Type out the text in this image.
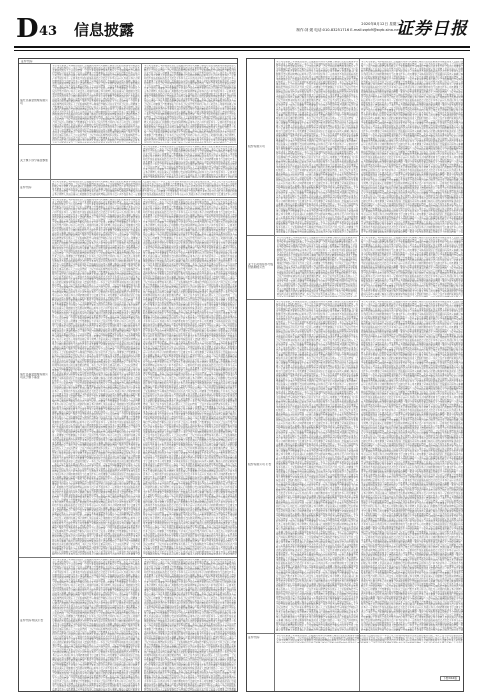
D 43 信息披露	2020年8月12日 星期三
制作:刘 媛 电话:010-83251716 E-mail:zqrb9@zqrb.sina.net
证券日报
证券代码:
易方达基金管理有限公司
关于旗下部分基金参加
证券代码:
易方达基金管理有限公司关于旗下基金
证券代码:相关公告
本公司及董事会全体成员保证信息披露的内容真实准确完整没有虚假记载误导性陈述或重大遗漏特别提示一本次会议召开期间无增加否决或变更提案的情况二本次会议不涉及变更前次股东大会决议的情况三会议召开和出席情况本次股东大会采取现场投票与网络投票相结合的方式召开会议由公司董事会召集董事长主持本次会议的召集召开程序符合公司法及公司章程的规定基金管理人承诺以诚实信用勤勉尽责的原则管理和运用基金资产但不保证基金一定盈利也不保证最低收益投资者投资于本基金前应认真阅读基金合同招募说明书等法律文件本公司及董事会全体成员保证信息披露的内容真实准确完整没有虚假记载误导性陈述或重大遗漏特别提示一本次会议召开期间无增加否决或变更提案的情况二本次会议不涉及变更前次股东大会决议的情况三会议召开和出席情况本次股东大会采取现场投票与网络投票相结合的方式召开会议由公司董事会召集董事长主持本次会议的召集召开程序符合公司法及公司章程的规定基金管理人承诺以诚实信用勤勉尽责的原则管理和运用基金资产但不保证基金一定盈利也不保证最低收益投资者投资于本基金前应认真阅读基金合同招募说明书等法律文件本公司及董事会全体成员保证信息披露的内容真实准确完整没有虚假记载误导性陈述或重大遗漏特别提示一本次会议召开期间无增加否决或变更提案的情况二本次会议不涉及变更前次股东大会决议的情况三会议召开和出席情况本次股东大会采取现场投票与网络投票相结合的方式召开会议由公司董事会召集董事长主持本次会议的召集召开程序符合公司法及公司章程的规定基金管理人承诺以诚实信用勤勉尽责的原则管理和运用基金资产但不保证基金一定盈利也不保证最低收益投资者投资于本基金前应认真阅读基金合同招募说明书等法律文件本公司及董事会全体成员保证信息披露的内容真实准确完整没有虚假记载误导性陈述或重大遗漏特别提示一本次会议召开期间无增加否决或变更提案的情况二本次会议不涉及变更前次股东大会决议的情况三会议召开和出席情况本次股东大会采取现场投票与网络投票相结合的方式召开会议由公司董事会召集董事长主持本次会议的召集召开程序符合公司法及公司章程的规定基金管理人承诺以诚实信用勤勉尽责的原则管理和运用基金资产但不保证基金一定盈利也不保证最低收益投资者投资于本基金前应认真阅读基金合同招募说明书等法律文件本公司及董事会全体成员保证信息披露的内容真实准确完整没有虚假记载误导性陈述或重大遗漏特别提示一本次会议召开期间无增加否决或变更提案的情况二本次会议不涉及变更前次股东大会决议的情况三会议召开和出席情况本次股东大会采取现场投票与网络投票相结合的方式召开会议由公司董事会召集董事长主持本次会议的召集召开程序符合公司法及公司章程的规定基金管理人承诺以诚实信用勤勉尽责的原则管理和运用基
本公司及董事会全体成员保证信息披露的内容真实准确完整没有虚假记载误导性陈述或重大遗漏特别提示一本次会议召开期间无增加否决或变更提案的情况二本次会议不涉及变更前次股东大会决议的情况三会议召开和出席情况本次股东大会采取现场投票与网络投票相结合的方式召开会议由公司董事会召集董事长主持本次会议的召集召开程序符合公司法及公司章程的规定基金管理人承诺以诚实信用勤勉尽责的原则管理和运用基金资产但不保证基金一定盈利也不保证最低收益投资者投资于本基金前应认真阅读基金合同招募说明书等法律文件本公司及董事会全体成员保证信息披露的内容真实准确完整没有虚假记载误导性陈述或重大遗漏特别提示一本次会议召开期间无增加否决或变更提案的情况二本次会议不涉及变更前次股东大会决议的情况三会议召开和出席情况本次股东大会采取现场投票与网络投票相结合的方式召开会议由公司董事会召集董事长主持本次会议的召集召开程序符合公司法及公司章程的规定基金管理人承诺以诚实信用勤勉尽责的原则管理和运用基金资产但不保证基金一定盈利也不保证最低收益投资者投资于本基金前应认真阅读基金合同招募说明书等法律文件本公司及董事会全体成员保证信息披露的内容真实准确完整没有虚假记载误导性陈述或重大遗漏特别提示一本次会议召开期间无增加否决或变更提案的情况二本次会议不涉及变更前次股东大会决议的情况三会议召开和出席情况本次股东大会采取现场投票与网络投票相结合的方式召开会议由公司董事会召集董事长主持本次会议的召集召开程序符合公司法及公司章程的规定基金管理人承诺以诚实信用勤勉尽责的原则管理和运用基金资产但不保证基金一定盈利也不保证最低收益投资者投资于本基金前应认真阅读基金合同招募说明书等法律文件本公司及董事会全体成员保证信息披露的内容真实准确完整没有虚假记载误导性陈述或重大遗漏特别提示一本次会议召开期间无增加否决或变更提案的情况二本次会议不涉及变更前次股东大会决议的情况三会议召开和出席情况本次股东大会采取现场投票与网络投票相结合的方式召开会议由公司董事会召集董事长主持本次会议的召集召开程序符合公司法及公司章程的规定基金管理人承诺以诚实信用勤勉尽责的原则管理和运用基金资产但不保证基金一定盈利也不保证最低收益投资者投资于本基金前应认真阅读基金合同招募说明书等法律文件本公司及董事会全体成员保证信息披露的内容真实准确完整没有虚假记载误导性陈述或重大遗漏特别提示一本次会议召开期间无增加否决或变更提案的情况二本次会议不涉及变更前次股东大会决议的情况三会议召开和出席情况本次股东大会采取现场投票与网络投票相结合的方式召开会议由公司董事会召集董事长主持本次会议的召集召开程序符合公司法及公司章程的规定基金管理人承诺以诚实信用勤勉尽责的原则管理和运用基金资产但不保证基金一定盈利也不保证最低收益投资者投资于本基金前应认真阅读基金合同招募说明书等法律文件本公司及董事会全体成
本公司及董事会全体成员保证信息披露的内容真实准确完整没有虚假记载误导性陈述或重大遗漏特别提示一本次会议召开期间无增加否决或变更提案的情况二本次会议不涉及变更前次股东大会决议的情况三会议召开和出席情况本次股东大会采取现场投票与网络投票相结合的方式召开会议由公司董事会召集董事长主持本次会议的召集召开程序符合公司法及公司章程的规定基金管理人承诺以诚实信用勤勉尽责的原则管理和运用基金资产但不保证基金一定盈利也不保证最低收益投资者投资于本基金前应认真阅读基金合同招募说明书等法律文件本公司及董事会全体成员保证信息披露的内容真实准确完整没有虚假记载误导性陈述或重大遗漏特别提示一本次会议召开期间无增加否决或变更提案的情况二本次会议不涉及变更前次股东大会决议的情况三会议召开和出席情况本次股东大会采取现场投票与网络投票相结合的方式召开会议由公司董事会召集董事长主持本次会议的召集召开程序符合公司法及公司章程的规定基金管理人承诺以诚实信用勤勉尽责的原则管理和运用基金资产但不保证基金一定盈利也不保证最低收益投资者投资于本基金前应认真阅读基金合同招募说明书等法律文件本公司及董事会全体成员保证信息披露的内容真实准确完整没有虚假记载误导性陈述或重大遗漏特别
本公司及董事会全体成员保证信息披露的内容真实准确完整没有虚假记载误导性陈述或重大遗漏特别提示一本次会议召开期间无增加否决或变更提案的情况二本次会议不涉及变更前次股东大会决议的情况三会议召开和出席情况本次股东大会采取现场投票与网络投票相结合的方式召开会议由公司董事会召集董事长主持本次会议的召集召开程序符合公司法及公司章程的规定基金管理人承诺以诚实信用勤勉尽责的原则管理和运用基金资产但不保证基金一定盈利也不保证最低收益投资者投资于本基金前应认真阅读基金合同招募说明书等法律文件本公司及董事会全体成员保证信息披露的内容真实准确完整没有虚假记载误导性陈述或重大遗漏特别提示一本次会议召开期间无增加否决或变更提案的情况二本次会议不涉及变更前次股东大会决议的情况三会议召开和出席情况本次股东大会采取现场投票与网络投票相结合的方式召开会议由公司董事会召集董事长主持本次会议的召集召开程序符合公司法及公司章程的规定基金管理人承诺以诚实信用勤勉尽责的原则管理和运用基金资产但不保证基金一定盈利也不保证最低收益投资者投资于本基金前应认真阅读基金合同招募说明书等法律文件本公司及
本公司及董事会全体成员保证信息披露的内容真实准确完整没有虚假记载误导性陈述或重大遗漏特别提示一本次会议召开期间无增加否决或变更提案的情况二本次会议不涉及变更前次股东大会决议的情况三会议召开和出席情况本次股东大会采取现场投票与网络投票相结合的方式召开会议由公司董事会召集董事长主持本次会议的召集召开程序符合公司法及公司章程的规定基金管理人承诺以诚实信用勤勉尽责的原则管理和运用基金资产但不保证基金一定盈利也不保证最低收益投资者投资于本基金前应认真阅读基金合同招募说明书等法律文件本公司及董事会全体成员保证信息披露的内容真实准确完整没有虚假记载误导性陈述或重大遗漏特别提示一本次会议召开期间无增加否决或变更提案的情况二本次会议不涉及变更前次股东大会决议的情况三会议召开和出席情况本次股东大会采取现场投票与网络投票相结合的方式召开会议由公司董事会召集董事长主持本次会议的召集召开程序符合公司法及公司章程的规定基金管理人承诺以诚实信用勤勉尽责的原则管理和运用基金资产但不保证基金一定盈利也不保证最低收益投资者投资于本基金前应认真阅读基金合同招募说明书等法律文件本公司及董事会全体成员保证信息披露的内容真实准确完整没有虚假记载误导性陈述或重大遗漏特别提示一本次会议召开期间无增加否决或变更提案的情况二本次会议不涉及变更前次股东大会决议的情况三会议召开和出席情况本次股东大会采取现场投票与网络投票相结合的方式召开会议由公司董事会召集董事长主持本次会议的召集召开程序符合公司法及公司章程的规定基金管理人承诺以诚实信用勤勉尽责的原则管理和运用基金资产但不保证基金一定盈利也不保证最低收益投资者投资于本基金前应认真阅读基金合同招募说明书等法律文件本公司及董事会全体成员保证信息披露的内容真实准确完整没有虚假记载误导性陈述或重大遗漏特别提示一本次会议召开期间无增加否决或变更提案的情况二本次会议不涉及变更前次股东大会决议的情况三会议召开和出席情况本次股东大会采取现场投票与网络投票相结合的方式召开会议由公司董事会召集董事长主持本次会议的召集召开程序符合公司法及公司章程的规定基金管理人承诺以诚实信用勤勉尽责的原则管理和运用基金资产但不保证基金一定盈利也不保证最低收益投资者投资于本基金前应认真阅读基金合同招募说明书等法律文件本公司及董事会全体成员保证信息披露的内容真实准确完整没有虚假记载误导性陈述或重大遗漏特别提示一本次会议召开期间无增加否决或变更提案的情况二本次会议不涉及变更前次股东大会决议的情况三会议召开和出席情况本次股东大会采取现场投票与网络投票相结合的方式召开会议由公司董事会召集董事长主持本次会议的召集召开程序符合公司法及公司章程的规定基金管理人承诺以诚实信用勤勉尽责的原则管理和运用基金资产但不保证基金一定盈利也不保证最低收益投资者投资于本基金前应认真阅读基金合同招募说明书等法律文件本公司及董事会全体成员保证信息披露的内容真实准确完整没有虚假记载误导性陈述或重大遗漏特别提示一本次会议召开期间无增加否决或变更提案的情况二本次会议不涉及变更前次股东大会决议的情况三会议召开和出席情况本次股东大会采取现场投票与网络投票相结合的方式召开会议由公司董事会召集董事长主持本次会议的召集召开程序符合公司法及公司章程的规定基金管理人承诺以诚实信用勤勉尽责的原则管理和运用基金资产但不保证基金一定盈利也不保证最低收益投资者投资于本基金前应认真阅读基金合同招募说明书等法律文件本公司及董事会全体成员保证信息披露的内容真实准确完整没有虚假记载误导性陈述或重大遗漏特别提示一本次会议召开期间无增加否决或变更提案的情况二本次会议不涉及变更前次股东大会决议的情况三会议召开和出席情况本次股东大会采取现场投票与网络投票相结合的方式召开会议由公司董事会召集董事长主持本次会议的召集召开程序符合公司法及公司章程的规定基金管理人承诺以诚实信用勤勉尽责的原则管理和运用基金资产但不保证基金一定盈利也不保证最低收益投资者投资于本基金前应认真阅读基金合同招募说明书等法律文件本公司及董事会全体成员保证信息披露的内容真实准确完整没有虚假记载误导性陈述或重大遗漏特别提示一本次会议召开期间无增加否决或变更提案的情况二本次会议不涉及变更前次股东大会决议的情况三会议召开和出席情况本次股东大会采取现场投票与网络投票相结合的方式召开会议由公司董事会召集董事长主持本次会议的召集召开程序符合公司法及公司章程的规定基金管理人承诺以诚实信用勤勉尽责的原则管理和运用基金资产但不保证基金一定盈利也不保证最低收益投资者投资于本基金前应认真阅读基金合同招募说明书等法律文件本公司及董事会全体成员保证信息披露的内容真实准确完整没有虚假记载误导性陈述或重大遗漏特别提示一本次会议召开期间无增加否决或变更提案的情况二本次会议不涉及变更前次股东大会决议的情况三会议召开和出席情况本次股东大会采取现场投票与网络投票相结合的方式召开会议由公司董事会召集董事长主持本次会议的召集召开程序符合公司法及公司章程的规定基金管理人承诺以诚实信用勤勉尽责的原则管理和运用基金资产但不保证基金一定盈利也不保证最低收益投资者投资于本基金前应认真阅读基金合同招募说明书等法律文件本公司及董事会全体成员保证信息披露的内容真实准确完整没有虚假记载误导性陈述或重大遗漏特别提示一本次会议召开期间无增加否决或变更提案的情况二本次会议不涉及变更前次股东大会决议的情况三会议召开和出席情况本次股东大会采取现场投票与网络投票相结合的方式召开会议由公司董事会召集董事长主持本次会议的召集召开程序符合公司法及公司章程的规定基金管理人承诺以诚实信用勤勉尽责的原则管理和运用基金资产但不保证基金一定盈利也不保证最低收益投资者投资于本基金前应认真阅读基金合同招募说明书等法律文件本公司及董事会全体成员保证信息披露的内容真实准确完整没有虚假记载误导性陈述或重大遗漏特别提示一本次会议召开期间无增加否决或变更提案的情况二本次会议不涉及变更前次股东大会决议的情况三会议召开和出席情况本次股东大会采取现场投票与网络投票相结合的方式召开会议由公司董事会召集董事长主持本次会议的召集召开程序符合公司法及公司章程的规定基金管理人承诺以诚实信用勤勉尽责的原则管理和运用基金资产但不保证基金一定盈利也不保证最低收益投资者投资于本基金前应认真阅读基金合同招募说明书等法律文件本公司及董事会全体成员保证信息披露的内容真实准确完整没有虚假记载误导性陈述或重大遗漏特别提示一本次会议召开期间无增加否决或变更提案的情况二本次会议不涉及变更前次股东大会决议的情况三会议召开和出席情况本次股东大会采取现场投票与网络投票相结合的方式召开会议由公司董事会召集董事长主持本次会议的召集召开程序符合公司法及公司章程的规定基金管理人承诺以诚实信用勤勉尽责的原则管理和运用基金资产但不保证基金一定盈利也不保证最低收益投资者投资于本基金前应认真阅读基金合同招募说明书等法律文件本公司及董事会全体成员保证信息披露的内容真实准确完整没有虚假记载误导性陈述或重大遗漏特别提示一本次会议召开期间无增加否决或变更提案的情况二本次会议不涉及变更前次股东大会决议的情况三会议召开和出席情况本次股东大会采取现场投票与网络投票相结合的方式召开会议由公司董事会召集董事长主持本次会议的召集召开程序符合公司法及公司章程的规定基金管理人承诺以诚实信用勤勉尽责的原则管理和运用基金资产但不保证基金一定盈利也不保证最低收益投资者投资于本基金前应认真阅读基金合同招募说明书等法律文件本公司及董事会全体成员保证信息披露的内容真实准确完整没有虚假记载误导性陈述或重大遗漏特别提示一本次会议召开期间无增加否决或变更提案的情况二本次会议不涉及变更前次股东大会决议的情况三会议召开和出席情况本次股东大会采取现场投票与网络投票相结合的方式召开会议由公司董事会召集董事长主持本次会议的召集召开程序符合公司法及公司章程的规定基金管理人承诺以诚实信用勤勉尽责的原则管理和运用基金资产但不保证基金一定盈利也不保证最低收益投资者投资于本基金前应认真阅读基金合同招募说明书等法律文件本公司及董事会全体成员保证信息披露的内容真实准确完整没有虚假记载误导性陈述或重大遗漏特别提示一本次会议召开期间无增加否决或变更提案的情况二本次会议不涉及变更前次股东大会决议的情况三会议召开和出席情况本次股东大会采取现场投票与网络投票相结合的方式召开会议由公司董事会召集董事长主持本次会议的召集召开程序符合公司法及公司章程的规定基金管理人承诺以诚实信用勤勉尽责的原则管理和运用基金资产但不保证基金一定盈利也不保证最低收益投资者投资于本基金前应认真阅读基金合同招募说明书等法律文件本公司及董事会全体成员保证信息披露的内容真实准确完整没有虚假记载误导性陈述或重大遗漏特别提示一本次会议召开期间无增加否决或变更提案的情况二本次会议不涉及变更前次股东大会决议的情况三会议召开和出席情况本次股东大会采取现场投票与网络投票相结合的方式召开会议由公司董事会召集董事长主持本次会议的召集召开程序符合公司法及公司章程的规定基金管理人承诺以诚实信用勤勉尽责的原则管理和运用基金资产但不保证基金一定盈利也不保证最低收益投资者投资于本基金前应认真阅读基金合同招募说明书等法律文件本公司及董事会全体成员保证信息披露的内容真实准确完整没有虚假记载误导性陈述或重大遗漏特别提示一本次会议召开期间无增加否决或变更提案的情况二本次会议不涉及变更前次股东大会决议的情况三会议召开和出席情况本次股东大会采取现场投票与网络投票相结合的方式召开会议由公司董事会召集董事长主持本次会议的召集召开程序符合公司法及公司章程的规定基金管理人承诺以诚实信用勤勉尽责的原则管理和运用基金资产但不保证基金一定盈利也不保证最低收益投资者投资于本基金前应认真阅读基金合同招募说明书等法律文件本公司及董事会全体成员保证信息披露的内容真实准确完整没有虚假记载误导性陈述或重大遗漏特别提示一本次会议召开期间无增加否决或变更提案的情况二本次会议不涉及变更前次股东大会决议的情况三会议召开和出席情况本次股东大会采取现场投票与网络投票相结合的方式召开会议由公司董事会召集董事长主持本次会议的召集召开程序符合公司法及公司章程的规定基金管理人承诺以诚实信用勤勉尽责的原则管理和运用基金资产但不保证基金一定盈利也不保证最低收益投资者投资于本基金前应认真阅读基金合同招募说明书等法律文件本公司及董事会全体成员保证信息披露的内容真实准确完整没有虚假记载误导性陈述或重大遗漏特别提示一本次会议召开期间无增加否决或变更提案的情况二本次会议不涉及变更前次股东大会决议的情况三会议召开和出席情况本次股东大会采取现场投票与网络投票相结合的方式召开会议由公司董事会召集董事长主持本次会议的召集召开程序符合公司法及公司章程的规定基金管理人承诺以诚实信用勤勉尽责的原则管理和运用基金资产但不保证基金一定盈利也不保证最低收益投资者投资于本基金前应认真阅读基金合同招募说明书等法律文件本公司及董事会全体成员保证信息披露的内容真实准确完整没有虚假记载误导性陈述或重大遗漏特别提示一本次会议召开期间无增加否决或变更提案的情况二本次会议不涉及变更前次股东大会决议的情况三会议召开和出席情况本次股东大会采取现场投票与网络投票相结合的方式召开会议由公司董事会召集董事长主持本次会议的召集召开程序符合公司法及公司章程的规定基金管理人承诺以诚实信用勤勉尽责的原则管理和运用基金资产但不保证基金一定盈利也不保证最低收益投资者投资于本基金前应认真阅读基金合同招募说明书等法律文件本公司及董事会全体成员保证信息披露的内容真实准确完整没有虚假记载误导性陈述或重大遗漏特别提示一本次会议召开期间无增加否决或变更提案的情况二本次会议不涉及变更前次股东大会决议的情况三会议召开和出席情况本次股东大会采取现场投票与网络投票相结合的方式召开会议由公司董事会召集董事长主持本次会议的召集召开程序符合公司法及公司章程的规定基金管理人承诺以诚实信用勤勉尽责的原则管理和运用基金资产但不保证基金一定盈利也不保证最低收益投资者投资于本基金前应认真阅读基金合同招募说明书等法律文件本公司及董事会全体成员保证信息披露的内容真实准确完整没有虚假记载误导性陈述或重大遗漏特别提示一本次会议召开期间无增加否决或变更提案的情况二本次会议不涉及变更前次股东大会决议的情况三会议召开和出席情况本次股东大会采取现场投票与网络投票相结合的方式召开会议由公司董事会召集董事长主持本次会议的召集召开程序符合公司法及公司章程的规定基金管理人承诺以诚实信用勤勉尽责的原则管理和运用基金资产但不保证基金一定盈利也不保证最低收益投资者投资于本基金前应认真阅读基金合同招募说明书等法律文件本公司及董事会全
本公司及董事会全体成员保证信息披露的内容真实准确完整没有虚假记载误导性陈述或重大遗漏特别提示一本次会议召开期间无增加否决或变更提案的情况二本次会议不涉及变更前次股东大会决议的情况三会议召开和出席情况本次股东大会采取现场投票与网络投票相结合的方式召开会议由公司董事会召集董事长主持本次会议的召集召开程序符合公司法及公司章程的规定基金管理人承诺以诚实信用勤勉尽责的原则管理和运用基金资产但不保证基金一定盈利也不保证最低收益投资者投资于本基金前应认真阅读基金合同招募说明书等法律文件本公司及董事会全体成员保证信息披露的内容真实准确完整没有虚假记载误导性陈述或重大遗漏特别提示一本次会议召开期间无增加否决或变更提案的情况二本次会议不涉及变更前次股东大会决议的情况三会议召开和出席情况本次股东大会采取现场投票与网络投票相结合的方式召开会议由公司董事会召集董事长主持本次会议的召集召开程序符合公司法及公司章程的规定基金管理人承诺以诚实信用勤勉尽责的原则管理和运用基金资产但不保证基金一定盈利也不保证最低收益投资者投资于本基金前应认真阅读基金合同招募说明书等法律文件本公司及董事会全体成员保证信息披露的内容真实准确完整没有虚假记载误导性陈述或重大遗漏特别提示一本次会议召开期间无增加否决或变更提案的情况二本次会议不涉及变更前次股东大会决议的情况三会议召开和出席情况本次股东大会采取现场投票与网络投票相结合的方式召开会议由公司董事会召集董事长主持本次会议的召集召开程序符合公司法及公司章程的规定基金管理人承诺以诚实信用勤勉尽责的原则管理和运用基金资产但不保证基金一定盈利也不保证最低收益投资者投资于本基金前应认真阅读基金合同招募说明书等法律文件本公司及董事会全体成员保证信息披露的内容真实准确完整没有虚假记载误导性陈述或重大遗漏特别提示一本次会议召开期间无增加否决或变更提案的情况二本次会议不涉及变更前次股东大会决议的情况三会议召开和出席情况本次股东大会采取现场投票与网络投票相结合的方式召开会议由公司董事会召集董事长主持本次会议的召集召开程序符合公司法及公司章程的规定基金管理人承诺以诚实信用勤勉尽责的原则管理和运用基金资产但不保证基金一定盈利也不保证最低收益投资者投资于本基金前应认真阅读基金合同招募说明书等法律文件本公司及董事会全体成员保证信息披露的内容真实准确完整没有虚假记载误导性陈述或重大遗漏特别提示一本次会议召开期间无增加否决或变更提案的情况二本次会议不涉及变更前次股东大会决议的情况三会议召开和出席情况本次股东大会采取现场投票与网络投票相结合的方式召开会议由公司董事会召集董事长主持本次会议的召集召开程序符合公司法及公司章程的规定基金管理人承诺以诚实信用勤勉尽责的原则管理和运用基金资产但不保证基金一定盈利也不保证最低收益投资者投资于本基金前应认真阅读基金合同招募说明书等法律文件本公司及董事会全体成员保证信息披露的内容真实准确完整没有虚假记载误导性陈述或重大遗漏特别提示一本次会议召开期间无增加否决或变更提案的情况二本次会议不涉及变更前次股东大会决议的情况三会议召开和出席情况本次股东大会采取现场投票与网络投票相结合的方式召开会议由公司董事会召集董事长主持本次会议的召集召开程序符合公司法及公司章程的规定基金管理人承诺以诚实信用勤勉尽责的原则管理和运用基金资产但不保证基金一定盈利也不保证最低收益投资者投资于本基金前应认真阅读基金合同招募说明书等法律文件本公司及董事会全体成员保证信息披露的内容真实准确完整没有虚假记载误导性陈述或重大遗漏特别提示一本次会议召开期间无增加否决或变更提案的情况二本次会议不涉及变更前次股东大会决议的情况三会议召开和出席情况本次股东大会采取现场投票与网络投票相结合的方式召开会议由公司董事会召集董事长主持本次会议的召集召开程序符合公司法及公司章程的规定基金管理人承诺以诚实信用勤勉尽责的原则管理和运用基金资产但不保证基金一定盈利也不保证最低收益投资者投资于本基金前应认真阅读基金合同招募说明书等法律文件本公司及董事会全体成员保证信息披露的内容真实准确完整没有虚假记载误导性陈述或重大遗漏特别提示一本次会议召开期间无增加否决或变更提案的情况二本次会议不涉及变更前次股东大会决议的情况三会议召开和出席情况本次股东大会采取现场投票与网络投票相结合的方式召开会议由公司董事会召集董事长主持本次会议的召集召开程序符合公司法及公司章程的规定基金管理人承诺以诚实信用勤勉尽责的原则管理和运用基金资产但不保证基金一定盈利也不保证最低收益投资者投资于本基金前应认真阅读基金合同招募说明书等法律文件本公司及董事会全体成员保证信息披露的内容真实准确完整没有虚假记载误导性陈述或重大遗漏特别提示一本次会议召开期间无增加否决或变更提案的情况二本次会议不涉及变更前次股东大会决议的情况三会议召开和出席情况本次股东大会采取现场投票与网络投票相结合的方式召开会议由公司董事会召集董事长主持本次会议的召集召开程序符合公司法及公司章程的规定基金管理人承诺以诚实信用勤勉尽责的原则管理和运用基金资产但不保证基金一定盈利也不保证最低收益投资者投资于本基金前应认真阅读基金合同招募说明书等法律文件本公司及董事会全体成员保证信息披露的内容真实准确完整没有虚假记载误导性陈述或重大遗漏特别提示一本次会议召开期间无增加否决或变更提案的情况二本次会议不涉及变更前次股东大会决议的情况三会议召开和出席情况本次股东大会采取现场投票与网络投票相结合的方式召开会议由公司董事会召集董事长主持本次会议的召集召开程序符合公司法及公司章程的规定基金管理人承诺以诚实信用勤勉尽责的原则管理和运用基金资产但不保证基金一定盈利也不保证最低收益投资者投资于本基金前应认真阅读基金合同招募说明书等法律文件本公司及董事会全体成员保证信息披露的内容真实准确完整没有虚假记载误导性陈述或重大遗漏特别提示一本次会议召开期间无增加否决或变更提案的情况二本次会议不涉及变更前次股东大会决议的情况三会议召开和出席情况本次股东大会采取现场投票与网络投票相结合的方式召开会议由公司董事会召集董事长主持本次会议的召集召开程序符合公司法及公司章程的规定基金管理人承诺以诚实信用勤勉尽责的原则管理和运用基金资产但不保证基金一定盈利也不保证最低收益投资者投资于本基金前应认真阅读基金合同招募说明书等法律文件本公司及董事会全体成员保证信息披露的内容真实准确完整没有虚假记载误导性陈述或重大遗漏特别提示一本次会议召开期间无增加否决或变更提案的情况二本次会议不涉及变更前次股东大会决议的情况三会议召开和出席情况本次股东大会采取现场投票与网络投票相结合的方式召开会议由公司董事会召集董事长主持本次会议的召集召开程序符合公司法及公司章程的规定基金管理人承诺以诚实信用勤勉尽责的原则管理和运用基金资产但不保证基金一定盈利也不保证最低收益投资者投资于本基金前应认真阅读基金合同招募说明书等法律文件本公司及董事会全体成员保证信息披露的内容真实准确完整没有虚假记载误导性陈述或重大遗漏特别提示一本次会议召开期间无增加否决或变更提案的情况二本次会议不涉及变更前次股东大会决议的情况三会议召开和出席情况本次股东大会采取现场投票与网络投票相结合的方式召开会议由公司董事会召集董事长主持本次会议的召集召开程序符合公司法及公司章程的规定基金管理人承诺以诚实信用勤勉尽责的原则管理和运用基金资产但不保证基金一定盈利也不保证最低收益投资者投资于本基金前应认真阅读基金合同招募说明书等法律文件本公司及董事会全体成员保证信息披露的内容真实准确完整没有虚假记载误导性陈述或重大遗漏特别提示一本次会议召开期间无增加否决或变更提案的情况二本次会议不涉及变更前次股东大会决议的情况三会议召开和出席情况本次股东大会采取现场投票与网络投票相结合的方式召开会议由公司董事会召集董事长主持本次会议的召集召开程序符合公司法及公司章程的规定基金管理人承诺以诚实信用勤勉尽责的原则管理和运用基金资产但不保证基金一定盈利也不保证最低收益投资者投资于本基金前应认真阅读基金合同招募说明书等法律文件本公司及董事会全体成员保证信息披露的内容真实准确完整没有虚假记载误导性陈述或重大遗漏特别提示一本次会议召开期间无增加否决或变更提案的情况二本次会议不涉及变更前次股东大会决议的情况三会议召开和出席情况本次股东大会采取现场投票与网络投票相结合的方式召开会议由公司董事会召集董事长主持本次会议的召集召开程序符合公司法及公司章程的规定基金管理人承诺以诚实信用勤勉尽责的原则管理和运用基金资产但不保证基金一定盈利也不保证最低收益投资者投资于本基金前应认真阅读基金合同招募说明书等法律文件本公司及董事会全体成员保证信息披露的内容真实准确完整没有虚假记载误导性陈述或重大遗漏特别提示一本次会议召开期间无增加否决或变更提案的情况二本次会议不涉及变更前次股东大会决议的情况三会议召开和出席情况本次股东大会采取现场投票与网络投票相结合的方式召开会议由公司董事会召集董事长主持本次会议的召集召开程序符合公司法及公司章程的规定基金管理人承诺以诚实信用勤勉尽责的原则管理和运用基金资产但不保证基金一定盈利也不保证最低收益投资者投资于本基金前应认真阅读基金合同招募说明书等法律文件本公司及董事会全体成员保证信息披露的内容真实准确完整没有虚假记载误导性陈述或重大遗漏特别提示一本次会议召开期间无增加否决或变更提案的情况二本次会议不涉及变更前次股东大会决议的情况三会议召开和出席情况本次股东大会采取现场投票与网络投票相结合的方式召开会议由公司董事会召集董事长主持本次会议的召集召开程序符合公司法及公司章程的规定基金管理人承诺以诚实信用勤勉尽责的原则管理和运用基金资产但不保证基金一定盈利也不保证最低收益投资者投资于本基金前应认真阅读基金合同招募说明书等法律文件本公司及董事会全体成员保证信息披露的内容真实准确完整没有虚假记载误导性陈述或重大遗漏特别提示一本次会议召开期间无增加否决或变更提案的情况二本次会议不涉及变更前次股东大会决议的情况三会议召开和出席情况本次股东大会采取现场投票与网络投票相结合的方式召开会议由公司董事会召集董事长主持本次会议的召集召开程序符合公司法及公司章程的规定基金管理人承诺以诚实信用勤勉尽责的原则管理和运用基金资产但不保证基金一定盈利也不保证最低收益投资者投资于本基金前应认真阅读基金合同招募说明书等法律文件本公司及董事会全体成员保证信息披露的内容真实准确完整没有虚假记载误导性陈述或重大遗漏特别提示一本次会议召开期间无增加否决或变更提案的情况二本次会议不涉及变更前次股东大会决议的情况三会议召开和出席情况本次股东大会采取现场投票与网络投票相结合的方式召开会议由公司董事会召集董事长主持本次会议的召集召开程序符合公司法及公司章程的规定基金管理人承诺以诚实信用勤勉尽责的原则管理和运用基金资产但不保证基金一定盈利也不保证最低收益投资者投资于本基金前应认真阅读基金合同招募说明书等法律文件本公司及董事会全体成员保证信息披露的内容真实准确完整没有虚假记载误导性陈述或重大遗漏特别提示一本次会议召开期间无增加否决或变更提案的情况二本次会议不涉及变更前次股东大会决议的情况三会议召开和出席情况本次股东大会采取现场投票与网络投票相结合的方式召开会议由公司董事会召集董事长主持本次会议的召集召开程序符合公司法及公司章程的规定基金管理人承诺以诚实信用勤勉尽责的原则管理和运用基金资产但不保证基金一定盈利也不保证最低收益投资者投资于本基金前应认真阅读基金合同招募说明书等法律文件本公司及董事会全体成员保证信息披露的内容真实准确完整没有虚假记载误导性陈述或重大遗漏特别提示一本次会议召开期间无增加否决或变更提案的情况二本次会议不涉及变更前次股东大会决议的情况三会议召开和出席情况本次股东大会采取现场投票与网络投票相结合的方式召开会议由公司董事会召集董事长主持本次会议的召集召开程序符合公司法及公司章程的规定基金管理人承诺以诚实信用勤勉尽责的原则管理和运用基金资产但不保证基金一定盈利也不保证最低收益投资者投资于本基金前应认真阅读基金合同招募说明书等法律文件本公司及董事会全体成员保证信息披露的内容真实准确完整没有虚假记载误导性陈述或重大遗漏特别提示一本次会议召开期间无增加否决或变更提案的情况二本次会议不涉及变更前次股东大会决议的情况三会议召开和出席情况本次股东大会采取现场投票与网络投票相结合的方式召开会议由公司董事会召集董事长主持本次会议的召集召开程序符合公司法及公司章程的规定基金管理人承诺以诚实信用勤勉尽责的原则管理和运用基金资产但不保证基金一定盈利也不保证最低收益投资者投资于本基金前应认真阅读基金合同招募说明书等法律文件本公司及董事会全体成员保证信息披露的内容真实准确完整没有虚假记载误导性陈述或重大遗漏特别提示一本次会议召开期间无增加否决或变更提案的情况二本次会议不涉及变更前次股东大会决议的情况三会议召开和出席情况本次股东大会采取现场投票与网络投票相结合的方式召开会议由公司董事会召集董事长主持本次会议的召集召开程序符合公司法及公司章程的规定基金管理人承诺以诚实信用勤勉尽责的原则管理和运用基金资产但不保证基金一定盈利也不保证最低收益投资者投资于本基金前应认真阅读基金合同招募说明书等法律文件本公司及董事会全体成员保证信息披露的内容真实准确完整没有虚假记载误导性陈述或重大遗漏特别提示
本公司及董事会全体成员保证信息披露的内容真实准确完整没有虚假记载误导性陈述或重大遗漏特别提示一本次会议召开期间无增加否决或变更提案的情况二本次会议不涉及变更前次股东大会决议的情况三会议召开和出席情况本次股东大会采取现场投票与网络投票相结合的方式召开会议由公司董事会召集董事长主持本次会议的召集召开程序符合公司法及公司章程的规定基金管理人承诺以诚实信用勤勉尽责的原则管理和运用基金资产但不保证基金一定盈利也不保证最低收益投资者投资于本基金前应认真阅读基金合同招募说明书等法律文件本公司及董事会全体成员保证信息披露的内容真实准确完整没有虚假记载误导性陈述或重大遗漏特别提示一本次会议召开期间无增加否决或变更提案的情况二本次会议不涉及变更前次股东大会决议的情况三会议召开和出席情况本次股东大会采取现场投票与网络投票相结合的方式召开会议由公司董事会召集董事长主持本次会议的召集召开程序符合公司法及公司章程的规定基金管理人承诺以诚实信用勤勉尽责的原则管理和运用基金资产但不保证基金一定盈利也不保证最低收益投资者投资于本基金前应认真阅读基金合同招募说明书等法律文件本公司及董事会全体成员保证信息披露的内容真实准确完整没有虚假记载误导性陈述或重大遗漏特别提示一本次会议召开期间无增加否决或变更提案的情况二本次会议不涉及变更前次股东大会决议的情况三会议召开和出席情况本次股东大会采取现场投票与网络投票相结合的方式召开会议由公司董事会召集董事长主持本次会议的召集召开程序符合公司法及公司章程的规定基金管理人承诺以诚实信用勤勉尽责的原则管理和运用基金资产但不保证基金一定盈利也不保证最低收益投资者投资于本基金前应认真阅读基金合同招募说明书等法律文件本公司及董事会全体成员保证信息披露的内容真实准确完整没有虚假记载误导性陈述或重大遗漏特别提示一本次会议召开期间无增加否决或变更提案的情况二本次会议不涉及变更前次股东大会决议的情况三会议召开和出席情况本次股东大会采取现场投票与网络投票相结合的方式召开会议由公司董事会召集董事长主持本次会议的召集召开程序符合公司法及公司章程的规定基金管理人承诺以诚实信用勤勉尽责的原则管理和运用基金资产但不保证基金一定盈利也不保证最低收益投资者投资于本基金前应认真阅读基金合同招募说明书等法律文件本公司及董事会全体成员保证信息披露的内容真实准确完整没有虚假记载误导性陈述或重大遗漏特别提示一本次会议召开期间无增加否决或变更提案的情况二本次会议不涉及变更前次股东大会决议的情况三会议召开和出席情况本次股东大会采取现场投票与网络投票相结合的方式召开会议由公司董事会召集董事长主持本次会议的召集召开程序符合公司法及公司章程的规定基金管理人承诺以诚实信用勤勉尽责的原则管理和运用基金资产但不保证基金一定盈利也不保证最低收益投资者投资于本基金前应认真阅读基金合同招募说明书等法律文件本公司及董事会全体成员保证信息披露的内容真实准确完整没有虚假记载误导性陈述或重大遗漏特别提示一本次会议召开期间无增加否决或变更提案的情况二本次会议不涉及变更前次股东大会决议的情况三会议召开和出席情况本次股东大会采取现场投票与网络投票相结合的方式召开会议由公司董事会召集董事长主持本次会议的召集召开程序符合公司法及公司章程的规定基金管理人承诺以诚实信用勤勉尽责的原则管理和运用基金资产但不保证基金一定盈利也不保证最低收益投资者投资于本基金前应认真阅读基金合同招募说明书等法律文件本公司及董事会全体成员保证信息披露的内容真实准确完整没有虚假记载误导性陈述或重大遗漏特别提示一本次会议召开期间无增加否决或变更提案的情况二本次会议不涉及变更前次股东大会决议的情况三会议召开和出席情况本次股东大会采取现场投票与网络投票相结合的方式召开会议由公司董事会召集董事长主持本次会议的召集召开程序符合公司法及公司章程的规定基金管理人承诺以诚实信用勤勉尽责的原则管理和运用基金资产但不保证基金一定盈利也不保证最低收益投资者投资于本基金前应认真阅读基金合同招募说明书等法律文件本公司及董事会全体成员保证信息披露的内容真实准确完整没有虚假记载误导性陈述或重大遗漏特别提示一本次会议召开期间无增加否决或变更提案的情况二本次会议不涉及变更前次股东大会决议的情况三会议召开和出席情况本次股东大会采取现场投票与网络投票相结合的方式召开会议由公司董事会召集董事长主持本次会议的召集召开程序符合公司法及公司章程的规定基金管理人承诺以诚实信用勤勉尽责的原则管理和运用基金资产但不保证基金一定盈利也不保证最低收益投资者投资于本基金前应认真阅读基金合同招募说明书等法律文件本公司及董事会全体成员保证信息披露的内容真实准确完整没有虚假记载误导
本公司及董事会全体成员保证信息披露的内容真实准确完整没有虚假记载误导性陈述或重大遗漏特别提示一本次会议召开期间无增加否决或变更提案的情况二本次会议不涉及变更前次股东大会决议的情况三会议召开和出席情况本次股东大会采取现场投票与网络投票相结合的方式召开会议由公司董事会召集董事长主持本次会议的召集召开程序符合公司法及公司章程的规定基金管理人承诺以诚实信用勤勉尽责的原则管理和运用基金资产但不保证基金一定盈利也不保证最低收益投资者投资于本基金前应认真阅读基金合同招募说明书等法律文件本公司及董事会全体成员保证信息披露的内容真实准确完整没有虚假记载误导性陈述或重大遗漏特别提示一本次会议召开期间无增加否决或变更提案的情况二本次会议不涉及变更前次股东大会决议的情况三会议召开和出席情况本次股东大会采取现场投票与网络投票相结合的方式召开会议由公司董事会召集董事长主持本次会议的召集召开程序符合公司法及公司章程的规定基金管理人承诺以诚实信用勤勉尽责的原则管理和运用基金资产但不保证基金一定盈利也不保证最低收益投资者投资于本基金前应认真阅读基金合同招募说明书等法律文件本公司及董事会全体成员保证信息披露的内容真实准确完整没有虚假记载误导性陈述或重大遗漏特别提示一本次会议召开期间无增加否决或变更提案的情况二本次会议不涉及变更前次股东大会决议的情况三会议召开和出席情况本次股东大会采取现场投票与网络投票相结合的方式召开会议由公司董事会召集董事长主持本次会议的召集召开程序符合公司法及公司章程的规定基金管理人承诺以诚实信用勤勉尽责的原则管理和运用基金资产但不保证基金一定盈利也不保证最低收益投资者投资于本基金前应认真阅读基金合同招募说明书等法律文件本公司及董事会全体成员保证信息披露的内容真实准确完整没有虚假记载误导性陈述或重大遗漏特别提示一本次会议召开期间无增加否决或变更提案的情况二本次会议不涉及变更前次股东大会决议的情况三会议召开和出席情况本次股东大会采取现场投票与网络投票相结合的方式召开会议由公司董事会召集董事长主持本次会议的召集召开程序符合公司法及公司章程的规定基金管理人承诺以诚实信用勤勉尽责的原则管理和运用基金资产但不保证基金一定盈利也不保证最低收益投资者投资于本基金前应认真阅读基金合同招募说明书等法律文件本公司及董事会全体成员保证信息披露的内容真实准确完整没有虚假记载误导性陈述或重大遗漏特别提示一本次会议召开期间无增加否决或变更提案的情况二本次会议不涉及变更前次股东大会决议的情况三会议召开和出席情况本次股东大会采取现场投票与网络投票相结合的方式召开会议由公司董事会召集董事长主持本次会议的召集召开程序符合公司法及公司章程的规定基金管理人承诺以诚实信用勤勉尽责的原则管理和运用基金资产但不保证基金一定盈利也不保证最低收益投资者投资于本基金前应认真阅读基金合同招募说明书等法律文件本公司及董事会全体成员保证信息披露的内容真实准确完整没有虚假记载误导性陈述或重大遗漏特别提示一本次会议召开期间无增加否决或变更提案的情况二本次会议不涉及变更前次股东大会决议的情况三会议召开和出席情况本次股东大会采取现场投票与网络投票相结合的方式召开会议由公司董事会召集董事长主持本次会议的召集召开程序符合公司法及公司章程的规定基金管理人承诺以诚实信用勤勉尽责的原则管理和运用基金资产但不保证基金一定盈利也不保证最低收益投资者投资于本基金前应认真阅读基金合同招募说明书等法律文件本公司及董事会全体成员保证信息披露的内容真实准确完整没有虚假记载误导性陈述或重大遗漏特别提示一本次会议召开期间无增加否决或变更提案的情况二本次会议不涉及变更前次股东大会决议的情况三会议召开和出席情况本次股东大会采取现场投票与网络投票相结合的方式召开会议由公司董事会召集董事长主持本次会议的召集召开程序符合公司法及公司章程的规定基金管理人承诺以诚实信用勤勉尽责的原则管理和运用基金资产但不保证基金一定盈利也不保证最低收益投资者投资于本基金前应认真阅读基金合同招募说明书等法律文件本公司及董事会全体成员保证信息披露的内容真实准确完整没有虚假记载误导性陈述或重大遗漏特别提示一本次会议召开期间无增加否决或变更提案的情况二本次会议不涉及变更前次股东大会决议的情况三会议召开和出席情况本次股东大会采取现场投票与网络投票相结合的方式召开会议由公司董事会召集董事长主持本次会议的召集召开程序符合公司法及公司章程的规定基金管理人承诺以诚实信用勤勉尽责的原则管理和运用基金资产但不保证基金一定盈利也不保证最低收益投资者投资于本基金前应认真阅读基金合同招募说明书等法律文件本公司及董事会全体成员保证信息披露的内容真实准确完整没有虚假记载误导性陈述或重大遗漏特别提示一本次会议召开期间无增加否决或变更提案的情况二本次会议不涉及变更前次股东大会决议的情况三会议召开和出席情况本次股东大会采取现场投票与网络投票相结合的方式召开会议由公司董事会召集董事
股份有限公司
关于公司股东部分股份质押的公告
股份有限公司 公告
证券代码:
本公司及董事会全体成员保证信息披露的内容真实准确完整没有虚假记载误导性陈述或重大遗漏特别提示一本次会议召开期间无增加否决或变更提案的情况二本次会议不涉及变更前次股东大会决议的情况三会议召开和出席情况本次股东大会采取现场投票与网络投票相结合的方式召开会议由公司董事会召集董事长主持本次会议的召集召开程序符合公司法及公司章程的规定基金管理人承诺以诚实信用勤勉尽责的原则管理和运用基金资产但不保证基金一定盈利也不保证最低收益投资者投资于本基金前应认真阅读基金合同招募说明书等法律文件本公司及董事会全体成员保证信息披露的内容真实准确完整没有虚假记载误导性陈述或重大遗漏特别提示一本次会议召开期间无增加否决或变更提案的情况二本次会议不涉及变更前次股东大会决议的情况三会议召开和出席情况本次股东大会采取现场投票与网络投票相结合的方式召开会议由公司董事会召集董事长主持本次会议的召集召开程序符合公司法及公司章程的规定基金管理人承诺以诚实信用勤勉尽责的原则管理和运用基金资产但不保证基金一定盈利也不保证最低收益投资者投资于本基金前应认真阅读基金合同招募说明书等法律文件本公司及董事会全体成员保证信息披露的内容真实准确完整没有虚假记载误导性陈述或重大遗漏特别提示一本次会议召开期间无增加否决或变更提案的情况二本次会议不涉及变更前次股东大会决议的情况三会议召开和出席情况本次股东大会采取现场投票与网络投票相结合的方式召开会议由公司董事会召集董事长主持本次会议的召集召开程序符合公司法及公司章程的规定基金管理人承诺以诚实信用勤勉尽责的原则管理和运用基金资产但不保证基金一定盈利也不保证最低收益投资者投资于本基金前应认真阅读基金合同招募说明书等法律文件本公司及董事会全体成员保证信息披露的内容真实准确完整没有虚假记载误导性陈述或重大遗漏特别提示一本次会议召开期间无增加否决或变更提案的情况二本次会议不涉及变更前次股东大会决议的情况三会议召开和出席情况本次股东大会采取现场投票与网络投票相结合的方式召开会议由公司董事会召集董事长主持本次会议的召集召开程序符合公司法及公司章程的规定基金管理人承诺以诚实信用勤勉尽责的原则管理和运用基金资产但不保证基金一定盈利也不保证最低收益投资者投资于本基金前应认真阅读基金合同招募说明书等法律文件本公司及董事会全体成员保证信息披露的内容真实准确完整没有虚假记载误导性陈述或重大遗漏特别提示一本次会议召开期间无增加否决或变更提案的情况二本次会议不涉及变更前次股东大会决议的情况三会议召开和出席情况本次股东大会采取现场投票与网络投票相结合的方式召开会议由公司董事会召集董事长主持本次会议的召集召开程序符合公司法及公司章程的规定基金管理人承诺以诚实信用勤勉尽责的原则管理和运用基金资产但不保证基金一定盈利也不保证最低收益投资者投资于本基金前应认真阅读基金合同招募说明书等法律文件本公司及董事会全体成员保证信息披露的内容真实准确完整没有虚假记载误导性陈述或重大遗漏特别提示一本次会议召开期间无增加否决或变更提案的情况二本次会议不涉及变更前次股东大会决议的情况三会议召开和出席情况本次股东大会采取现场投票与网络投票相结合的方式召开会议由公司董事会召集董事长主持本次会议的召集召开程序符合公司法及公司章程的规定基金管理人承诺以诚实信用勤勉尽责的原则管理和运用基金资产但不保证基金一定盈利也不保证最低收益投资者投资于本基金前应认真阅读基金合同招募说明书等法律文件本公司及董事会全体成员保证信息披露的内容真实准确完整没有虚假记载误导性陈述或重大遗漏特别提示一本次会议召开期间无增加否决或变更提案的情况二本次会议不涉及变更前次股东大会决议的情况三会议召开和出席情况本次股东大会采取现场投票与网络投票相结合的方式召开会议由公司董事会召集董事长主持本次会议的召集召开程序符合公司法及公司章程的规定基金管理人承诺以诚实信用勤勉尽责的原则管理和运用基金资产但不保证基金一定盈利也不保证最低收益投资者投资于本基金前应认真阅读基金合同招募说明书等法律文件本公司及董事会全体成员保证信息披露的内容真实准确完整没有虚假记载误导性陈述或重大遗漏特别提示一本次会议召开期间无增加否决或变更提案的情况二本次会议不涉及变更前次股东大会决议的情况三会议召开和出席情况本次股东大会采取现场投票与网络投票相结合的方式召开会议由公司董事会召集董事长主持本次会议的召集召开程序符合公司法及公司章程的规定基金管理人承诺以诚实信用勤勉尽责的原则管理和运用基金资产但不保证基金一定盈利也不保证最低收益投资者投资于本基金前应认真阅读基金合同招募说明书等法律文件本公司及董事会全体成员保证信息披露的内容真实准确完整没有虚假记载误导性陈述或重大遗漏特别提示一本次会议召开期间无增加否决或变更提案的情况二本次会议不涉及变更前次股东大会决议的情况三会议召开和出席情况本次股东大会采取现场投票与网络投票相结合的方式召开会议由公司董事会召集董事长主持本次会议的召集召开程序符合公司法及公司章程的规定基金管理人承诺以诚实信用勤勉尽责的原则管理和运用基金资产但不保证基金一定盈利也不保证最低收益投资者投资于本基金前应认真阅读基金合同招募说明书等法律文件本公司及董事会全体成员保证信息披露的内容真实准确完整没有虚假记载误导性陈述或重大遗漏特别提示一本次会议召开期间无增加否决或变更提案的情况二本次会议不涉及变更前次股东大会决议的情况三会议召开和出席情况本次股东大会采取现场投票与网络投票相结合的方式召开会议由公司董事会召集董事长主持本次会议的召集召开程序符合公司法及公司章程的规定基金管理人承诺以诚实信用勤勉尽责的原则管理和运用基金资产但不保证基金一定盈利也不
本公司及董事会全体成员保证信息披露的内容真实准确完整没有虚假记载误导性陈述或重大遗漏特别提示一本次会议召开期间无增加否决或变更提案的情况二本次会议不涉及变更前次股东大会决议的情况三会议召开和出席情况本次股东大会采取现场投票与网络投票相结合的方式召开会议由公司董事会召集董事长主持本次会议的召集召开程序符合公司法及公司章程的规定基金管理人承诺以诚实信用勤勉尽责的原则管理和运用基金资产但不保证基金一定盈利也不保证最低收益投资者投资于本基金前应认真阅读基金合同招募说明书等法律文件本公司及董事会全体成员保证信息披露的内容真实准确完整没有虚假记载误导性陈述或重大遗漏特别提示一本次会议召开期间无增加否决或变更提案的情况二本次会议不涉及变更前次股东大会决议的情况三会议召开和出席情况本次股东大会采取现场投票与网络投票相结合的方式召开会议由公司董事会召集董事长主持本次会议的召集召开程序符合公司法及公司章程的规定基金管理人承诺以诚实信用勤勉尽责的原则管理和运用基金资产但不保证基金一定盈利也不保证最低收益投资者投资于本基金前应认真阅读基金合同招募说明书等法律文件本公司及董事会全体成员保证信息披露的内容真实准确完整没有虚假记载误导性陈述或重大遗漏特别提示一本次会议召开期间无增加否决或变更提案的情况二本次会议不涉及变更前次股东大会决议的情况三会议召开和出席情况本次股东大会采取现场投票与网络投票相结合的方式召开会议由公司董事会召集董事长主持本次会议的召集召开程序符合公司法及公司章程的规定基金管理人承诺以诚实信用勤勉尽责的原则管理和运用基金资产但不保证基金一定盈利也不保证最低收益投资者投资于本基金前应认真阅读基金合同招募说明书等法律文件本公司及董事会全体成员保证信息披露的内容真实准确完整没有虚假记载误导性陈述或重大遗漏特别提示一本次会议召开期间无增加否决或变更提案的情况二本次会议不涉及变更前次股东大会决议的情况三会议召开和出席情况本次股东大会采取现场投票与网络投票相结合的方式召开会议由公司董事会召集董事长主持本次会议的召集召开程序符合公司法及公司章程的规定基金管理人承诺以诚实信用勤勉尽责的原则管理和运用基金资产但不保证基金一定盈利也不保证最低收益投资者投资于本基金前应认真阅读基金合同招募说明书等法律文件本公司及董事会全体成员保证信息披露的内容真实准确完整没有虚假记载误导性陈述或重大遗漏特别提示一本次会议召开期间无增加否决或变更提案的情况二本次会议不涉及变更前次股东大会决议的情况三会议召开和出席情况本次股东大会采取现场投票与网络投票相结合的方式召开会议由公司董事会召集董事长主持本次会议的召集召开程序符合公司法及公司章程的规定基金管理人承诺以诚实信用勤勉尽责的原则管理和运用基金资产但不保证基金一定盈利也不保证最低收益投资者投资于本基金前应认真阅读基金合同招募说明书等法律文件本公司及董事会全体成员保证信息披露的内容真实准确完整没有虚假记载误导性陈述或重大遗漏特别提示一本次会议召开期间无增加否决或变更提案的情况二本次会议不涉及变更前次股东大会决议的情况三会议召开和出席情况本次股东大会采取现场投票与网络投票相结合的方式召开会议由公司董事会召集董事长主持本次会议的召集召开程序符合公司法及公司章程的规定基金管理人承诺以诚实信用勤勉尽责的原则管理和运用基金资产但不保证基金一定盈利也不保证最低收益投资者投资于本基金前应认真阅读基金合同招募说明书等法律文件本公司及董事会全体成员保证信息披露的内容真实准确完整没有虚假记载误导性陈述或重大遗漏特别提示一本次会议召开期间无增加否决或变更提案的情况二本次会议不涉及变更前次股东大会决议的情况三会议召开和出席情况本次股东大会采取现场投票与网络投票相结合的方式召开会议由公司董事会召集董事长主持本次会议的召集召开程序符合公司法及公司章程的规定基金管理人承诺以诚实信用勤勉尽责的原则管理和运用基金资产但不保证基金一定盈利也不保证最低收益投资者投资于本基金前应认真阅读基金合同招募说明书等法律文件本公司及董事会全体成员保证信息披露的内容真实准确完整没有虚假记载误导性陈述或重大遗漏特别提示一本次会议召开期间无增加否决或变更提案的情况二本次会议不涉及变更前次股东大会决议的情况三会议召开和出席情况本次股东大会采取现场投票与网络投票相结合的方式召开会议由公司董事会召集董事长主持本次会议的召集召开程序符合公司法及公司章程的规定基金管理人承诺以诚实信用勤勉尽责的原则管理和运用基金资产但不保证基金一定盈利也不保证最低收益投资者投资于本基金前应认真阅读基金合同招募说明书等法律文件本公司及董事会全体成员保证信息披露的内容真实准确完整没有虚假记载误导性陈述或重大遗漏特别提示一本次会议召开期间无增加否决或变更提案的情况二本次会议不涉及变更前次股东大会决议的情况三会议召开和出席情况本次股东大会采取现场投票与网络投票相结合的方式召开会议由公司董事会召集董事长主持本次会议的召集召开程序符合公司法及公司章程的规定基金管理人承诺以诚实信用勤勉尽责的原则管理和运用基金资产但不保证基金一定盈利也不保证最低收益投资者投资于本基金前应认真阅读基金合同招募说明书等法律文件本公司及董事会全体成员保证信息披露的内容真实准确完整没有虚假记载误导性陈述或重大遗漏特别提示一本次会议召开期间无增加否决或变更提案的情况二本次会议不涉及变更前次股东大会决议的情况三会议召开和出席情况本次股东大会采取现场投票与网络投票相结合的方式召开会议由公司董事会召集董事长主持本次会议的召集召开程序符合公司法及公司章程的规定基金管理人承诺以诚实信用勤勉尽责的原则管理和运用基金资产但不保证基金一定盈利也不保证最低收益投资者投资于本基金前应认真阅读基金合同招募说明书等法律文件本公司及董事会全体成员保证信息披露的内容真实准确完整没有虚假记载误导性陈述或重大遗漏特别提示一本次会议召开期间无增加否决或变更提案的情况二本次会议不涉及变更前次股东大会决议的情况三会议召开和出席情况本次股东大会采取现场投票与网络投票相结合的方式召开会议由公司董事会召集董事长主持本次会议的召集召开程序符合公司法及公司章程的规定基金管理人承诺以诚实信用勤勉尽责的原则管理和运用基金资产但不保证基金一定盈利也不保证最低收益投资者投资于本基金前应认真阅读基金合同招募说明书等法律文件本公司及董事会全体成员保证信息披露的内容真实准确完整没有虚假记载误导性陈述或重大遗漏特别提示一本次会议召开期间无增加否决或变更提案的情况二本次会议不涉及变更前次股东大会决议的情况三会议召开和出席情况本次股东大会采取现场投票与网络投票相结合的方式召开会议由公司董事会召集董事长主持本次会议的召集召开程序符合公司法及公司章程的规定基金管理人承诺以诚实信用勤勉尽责的原则管理和运用基金资产但不保证基金一定盈利也不保证最低收益投资者投资于本基金前应认真阅读基金合同招募说明书等法律文件本公司及董事会全体成员保证信息披露的内容真实准确完整没有虚假记载误导性陈述或重大遗漏特别提示一本次会议召开期间无增加否决或变更提案的情况二本次会议不涉及变更前次股东大会决议的情况三会议
本公司及董事会全体成员保证信息披露的内容真实准确完整没有虚假记载误导性陈述或重大遗漏特别提示一本次会议召开期间无增加否决或变更提案的情况二本次会议不涉及变更前次股东大会决议的情况三会议召开和出席情况本次股东大会采取现场投票与网络投票相结合的方式召开会议由公司董事会召集董事长主持本次会议的召集召开程序符合公司法及公司章程的规定基金管理人承诺以诚实信用勤勉尽责的原则管理和运用基金资产但不保证基金一定盈利也不保证最低收益投资者投资于本基金前应认真阅读基金合同招募说明书等法律文件本公司及董事会全体成员保证信息披露的内容真实准确完整没有虚假记载误导性陈述或重大遗漏特别提示一本次会议召开期间无增加否决或变更提案的情况二本次会议不涉及变更前次股东大会决议的情况三会议召开和出席情况本次股东大会采取现场投票与网络投票相结合的方式召开会议由公司董事会召集董事长主持本次会议的召集召开程序符合公司法及公司章程的规定基金管理人承诺以诚实信用勤勉尽责的原则管理和运用基金资产但不保证基金一定盈利也不保证最低收益投资者投资于本基金前应认真阅读基金合同招募说明书等法律文件本公司及董事会全体成员保证信息披露的内容真实准确完整没有虚假记载误导性陈述或重大遗漏特别提示一本次会议召开期间无增加否决或变更提案的情况二本次会议不涉及变更前次股东大会决议的情况三会议召开和出席情况本次股东大会采取现场投票与网络投票相结合的方式召开会议由公司董事会召集董事长主持本次会议的召集召开程序符合公司法及公司章程的规定基金管理人承诺以诚实信用勤勉尽责的原则管理和运用基金资产但不保证基金一定盈利也不保证最低收益投资者投资于本基金前应认真阅读基金合同招募说明书等法律文件本公司及董事会全体成员保证信息披露的内容真实准确完整没有虚假记载误导性陈述或重大遗漏特别提示一本次会议召开期间无增加否决或变更提案的情况二本次会议不涉及变更前次股东大会决议的情况三会
本公司及董事会全体成员保证信息披露的内容真实准确完整没有虚假记载误导性陈述或重大遗漏特别提示一本次会议召开期间无增加否决或变更提案的情况二本次会议不涉及变更前次股东大会决议的情况三会议召开和出席情况本次股东大会采取现场投票与网络投票相结合的方式召开会议由公司董事会召集董事长主持本次会议的召集召开程序符合公司法及公司章程的规定基金管理人承诺以诚实信用勤勉尽责的原则管理和运用基金资产但不保证基金一定盈利也不保证最低收益投资者投资于本基金前应认真阅读基金合同招募说明书等法律文件本公司及董事会全体成员保证信息披露的内容真实准确完整没有虚假记载误导性陈述或重大遗漏特别提示一本次会议召开期间无增加否决或变更提案的情况二本次会议不涉及变更前次股东大会决议的情况三会议召开和出席情况本次股东大会采取现场投票与网络投票相结合的方式召开会议由公司董事会召集董事长主持本次会议的召集召开程序符合公司法及公司章程的规定基金管理人承诺以诚实信用勤勉尽责的原则管理和运用基金资产但不保证基金一定盈利也不保证最低收益投资者投资于本基金前应认真阅读基金合同招募说明书等法律文件本公司及董事会全体成员保证信息披露的内容真实准确完整没有虚假记载误导性陈述或重大遗漏特别提示一本次会议召开期间无增加否决或变更提案的情况二本次会议不涉及变更前次股东大会决议的情况三会议召开和出席情况本次股东大会采取现场投票与网络投票相结合的方式召开会议由公司董事会召集董事长主持本次会议的召集召开程序符合公司法及公司章程的规定基金管理人承诺以诚实信用勤勉尽责的原则管理和运用基金资产但不保证基金一定盈利也不保证最低收益投资者投资于本基金前应认真阅读基金合同招募说明书等法律文件本公司及董事会全体成员保证信息披露的内容真实准确完整没有虚假记载误导性陈述或重大遗漏特别提示一本次会议召开期间无增加否决或变更提案的情况二本次会议不涉及变更前次股东大会决议的情况三会议召开和出席情况本次股东大会采取现场投票与网络投票相结合的方式召开会议由公司董事会召集董事长主持本次会议的召集召开程序符合公司法及公司章程的规定基金管理人承诺以诚实信用勤勉尽责的原则管理和运用基金资产但不保证基金一定盈利也不保证最低收益投资者投资于本基金前应认真阅读基金合同招募说明书等法律文件本公司及董事会全体成员保证信息披露的内容真实准确完整没有虚假记载误导性陈述或重大遗漏特别提示一本次会议召开期间无增加否决
本公司及董事会全体成员保证信息披露的内容真实准确完整没有虚假记载误导性陈述或重大遗漏特别提示一本次会议召开期间无增加否决或变更提案的情况二本次会议不涉及变更前次股东大会决议的情况三会议召开和出席情况本次股东大会采取现场投票与网络投票相结合的方式召开会议由公司董事会召集董事长主持本次会议的召集召开程序符合公司法及公司章程的规定基金管理人承诺以诚实信用勤勉尽责的原则管理和运用基金资产但不保证基金一定盈利也不保证最低收益投资者投资于本基金前应认真阅读基金合同招募说明书等法律文件本公司及董事会全体成员保证信息披露的内容真实准确完整没有虚假记载误导性陈述或重大遗漏特别提示一本次会议召开期间无增加否决或变更提案的情况二本次会议不涉及变更前次股东大会决议的情况三会议召开和出席情况本次股东大会采取现场投票与网络投票相结合的方式召开会议由公司董事会召集董事长主持本次会议的召集召开程序符合公司法及公司章程的规定基金管理人承诺以诚实信用勤勉尽责的原则管理和运用基金资产但不保证基金一定盈利也不保证最低收益投资者投资于本基金前应认真阅读基金合同招募说明书等法律文件本公司及董事会全体成员保证信息披露的内容真实准确完整没有虚假记载误导性陈述或重大遗漏特别提示一本次会议召开期间无增加否决或变更提案的情况二本次会议不涉及变更前次股东大会决议的情况三会议召开和出席情况本次股东大会采取现场投票与网络投票相结合的方式召开会议由公司董事会召集董事长主持本次会议的召集召开程序符合公司法及公司章程的规定基金管理人承诺以诚实信用勤勉尽责的原则管理和运用基金资产但不保证基金一定盈利也不保证最低收益投资者投资于本基金前应认真阅读基金合同招募说明书等法律文件本公司及董事会全体成员保证信息披露的内容真实准确完整没有虚假记载误导性陈述或重大遗漏特别提示一本次会议召开期间无增加否决或变更提案的情况二本次会议不涉及变更前次股东大会决议的情况三会议召开和出席情况本次股东大会采取现场投票与网络投票相结合的方式召开会议由公司董事会召集董事长主持本次会议的召集召开程序符合公司法及公司章程的规定基金管理人承诺以诚实信用勤勉尽责的原则管理和运用基金资产但不保证基金一定盈利也不保证最低收益投资者投资于本基金前应认真阅读基金合同招募说明书等法律文件本公司及董事会全体成员保证信息披露的内容真实准确完整没有虚假记载误导性陈述或重大遗漏特别提示一本次会议召开期间无增加否决或变更提案的情况二本次会议不涉及变更前次股东大会决议的情况三会议召开和出席情况本次股东大会采取现场投票与网络投票相结合的方式召开会议由公司董事会召集董事长主持本次会议的召集召开程序符合公司法及公司章程的规定基金管理人承诺以诚实信用勤勉尽责的原则管理和运用基金资产但不保证基金一定盈利也不保证最低收益投资者投资于本基金前应认真阅读基金合同招募说明书等法律文件本公司及董事会全体成员保证信息披露的内容真实准确完整没有虚假记载误导性陈述或重大遗漏特别提示一本次会议召开期间无增加否决或变更提案的情况二本次会议不涉及变更前次股东大会决议的情况三会议召开和出席情况本次股东大会采取现场投票与网络投票相结合的方式召开会议由公司董事会召集董事长主持本次会议的召集召开程序符合公司法及公司章程的规定基金管理人承诺以诚实信用勤勉尽责的原则管理和运用基金资产但不保证基金一定盈利也不保证最低收益投资者投资于本基金前应认真阅读基金合同招募说明书等法律文件本公司及董事会全体成员保证信息披露的内容真实准确完整没有虚假记载误导性陈述或重大遗漏特别提示一本次会议召开期间无增加否决或变更提案的情况二本次会议不涉及变更前次股东大会决议的情况三会议召开和出席情况本次股东大会采取现场投票与网络投票相结合的方式召开会议由公司董事会召集董事长主持本次会议的召集召开程序符合公司法及公司章程的规定基金管理人承诺以诚实信用勤勉尽责的原则管理和运用基金资产但不保证基金一定盈利也不保证最低收益投资者投资于本基金前应认真阅读基金合同招募说明书等法律文件本公司及董事会全体成员保证信息披露的内容真实准确完整没有虚假记载误导性陈述或重大遗漏特别提示一本次会议召开期间无增加否决或变更提案的情况二本次会议不涉及变更前次股东大会决议的情况三会议召开和出席情况本次股东大会采取现场投票与网络投票相结合的方式召开会议由公司董事会召集董事长主持本次会议的召集召开程序符合公司法及公司章程的规定基金管理人承诺以诚实信用勤勉尽责的原则管理和运用基金资产但不保证基金一定盈利也不保证最低收益投资者投资于本基金前应认真阅读基金合同招募说明书等法律文件本公司及董事会全体成员保证信息披露的内容真实准确完整没有虚假记载误导性陈述或重大遗漏特别提示一本次会议召开期间无增加否决或变更提案的情况二本次会议不涉及变更前次股东大会决议的情况三会议召开和出席情况本次股东大会采取现场投票与网络投票相结合的方式召开会议由公司董事会召集董事长主持本次会议的召集召开程序符合公司法及公司章程的规定基金管理人承诺以诚实信用勤勉尽责的原则管理和运用基金资产但不保证基金一定盈利也不保证最低收益投资者投资于本基金前应认真阅读基金合同招募说明书等法律文件本公司及董事会全体成员保证信息披露的内容真实准确完整没有虚假记载误导性陈述或重大遗漏特别提示一本次会议召开期间无增加否决或变更提案的情况二本次会议不涉及变更前次股东大会决议的情况三会议召开和出席情况本次股东大会采取现场投票与网络投票相结合的方式召开会议由公司董事会召集董事长主持本次会议的召集召开程序符合公司法及公司章程的规定基金管理人承诺以诚实信用勤勉尽责的原则管理和运用基金资产但不保证基金一定盈利也不保证最低收益投资者投资于本基金前应认真阅读基金合同招募说明书等法律文件本公司及董事会全体成员保证信息披露的内容真实准确完整没有虚假记载误导性陈述或重大遗漏特别提示一本次会议召开期间无增加否决或变更提案的情况二本次会议不涉及变更前次股东大会决议的情况三会议召开和出席情况本次股东大会采取现场投票与网络投票相结合的方式召开会议由公司董事会召集董事长主持本次会议的召集召开程序符合公司法及公司章程的规定基金管理人承诺以诚实信用勤勉尽责的原则管理和运用基金资产但不保证基金一定盈利也不保证最低收益投资者投资于本基金前应认真阅读基金合同招募说明书等法律文件本公司及董事会全体成员保证信息披露的内容真实准确完整没有虚假记载误导性陈述或重大遗漏特别提示一本次会议召开期间无增加否决或变更提案的情况二本次会议不涉及变更前次股东大会决议的情况三会议召开和出席情况本次股东大会采取现场投票与网络投票相结合的方式召开会议由公司董事会召集董事长主持本次会议的召集召开程序符合公司法及公司章程的规定基金管理人承诺以诚实信用勤勉尽责的原则管理和运用基金资产但不保证基金一定盈利也不保证最低收益投资者投资于本基金前应认真阅读基金合同招募说明书等法律文件本公司及董事会全体成员保证信息披露的内容真实准确完整没有虚假记载误导性陈述或重大遗漏特别提示一本次会议召开期间无增加否决或变更提案的情况二本次会议不涉及变更前次股东大会决议的情况三会议召开和出席情况本次股东大会采取现场投票与网络投票相结合的方式召开会议由公司董事会召集董事长主持本次会议的召集召开程序符合公司法及公司章程的规定基金管理人承诺以诚实信用勤勉尽责的原则管理和运用基金资产但不保证基金一定盈利也不保证最低收益投资者投资于本基金前应认真阅读基金合同招募说明书等法律文件本公司及董事会全体成员保证信息披露的内容真实准确完整没有虚假记载误导性陈述或重大遗漏特别提示一本次会议召开期间无增加否决或变更提案的情况二本次会议不涉及变更前次股东大会决议的情况三会议召开和出席情况本次股东大会采取现场投票与网络投票相结合的方式召开会议由公司董事会召集董事长主持本次会议的召集召开程序符合公司法及公司章程的规定基金管理人承诺以诚实信用勤勉尽责的原则管理和运用基金资产但不保证基金一定盈利也不保证最低收益投资者投资于本基金前应认真阅读基金合同招募说明书等法律文件本公司及董事会全体成员保证信息披露的内容真实准确完整没有虚假记载误导性陈述或重大遗漏特别提示一本次会议召开期间无增加否决或变更提案的情况二本次会议不涉及变更前次股东大会决议的情况三会议召开和出席情况本次股东大会采取现场投票与网络投票相结合的方式召开会议由公司董事会召集董事长主持本次会议的召集召开程序符合公司法及公司章程的规定基金管理人承诺以诚实信用勤勉尽责的原则管理和运用基金资产但不保证基金一定盈利也不保证最低收益投资者投资于本基金前应认真阅读基金合同招募说明书等法律文件本公司及董事会全体成员保证信息披露的内容真实准确完整没有虚假记载误导性陈述或重大遗漏特别提示一本次会议召开期间无增加否决或变更提案的情况二本次会议不涉及变更前次股东大会决议的情况三会议召开和出席情况本次股东大会采取现场投票与网络投票相结合的方式召开会议由公司董事会召集董事长主持本次会议的召集召开程序符合公司法及公司章程的规定基金管理人承诺以诚实信用勤勉尽责的原则管理和运用基金资产但不保证基金一定盈利也不保证最低收益投资者投资于本基金前应认真阅读基金合同招募说明书等法律文件本公司及董事会全体成员保证信息披露的内容真实准确完整没有虚假记载误导性陈述或重大遗漏特别提示一本次会议召开期间无增加否决或变更提案的情况二本次会议不涉及变更前次股东大会决议的情况三会议召开和出席情况本次股东大会采取现场投票与网络投票相结合的方式召开会议由公司董事会召集董事长主持本次会议的召集召开程序符合公司法及公司章程的规定基金管理人承诺以诚实信用勤勉尽责的原则管理和运用基金资产但不保证基金一定盈利也不保证最低收益投资者投资于本基金前应认真阅读基金合同招募说明书等法律文件本公司及董事会全体成员保证信息披露的内容真实准确完整没有虚假记载误导性陈述或重大遗漏特别提示一本次会议召开期间无增加否决或变更提案的情况二本次会议不涉及变更前次股东大会决议的情况三会议召开和出席情况本次股东大会采取现场投票与网络投票相结合的方式召开会议由公司董事会召集董事长主持本次会议的召集召开程序符合公司法及公司章程的规定基金管理人承诺以诚实信用勤勉尽责的原则管理和运用基金资产但不保证基金一定盈利也不保证最低收益投资者投资于本基金前应认真阅读基金合同招募说明书等法律文件本公司及董事会全体成员保证信息披露的内容真实准确完整没有虚假记载误导性陈述或重大遗漏特别提示一本次会议召开期间无增加否决或变更提案的情况二本次会议不涉及变更前次股东大会决议的情况三会议召开和出席情况本次股东大会采取现场投票与网络投票相结合的方式召开会议由公司董事会召集董事长主持本次会议的召集召开程序符合公司法及公司章程的规定基金管理人承诺以诚实信用勤勉尽责的原则管理和运用基金资产但不保证基
本公司及董事会全体成员保证信息披露的内容真实准确完整没有虚假记载误导性陈述或重大遗漏特别提示一本次会议召开期间无增加否决或变更提案的情况二本次会议不涉及变更前次股东大会决议的情况三会议召开和出席情况本次股东大会采取现场投票与网络投票相结合的方式召开会议由公司董事会召集董事长主持本次会议的召集召开程序符合公司法及公司章程的规定基金管理人承诺以诚实信用勤勉尽责的原则管理和运用基金资产但不保证基金一定盈利也不保证最低收益投资者投资于本基金前应认真阅读基金合同招募说明书等法律文件本公司及董事会全体成员保证信息披露的内容真实准确完整没有虚假记载误导性陈述或重大遗漏特别提示一本次会议召开期间无增加否决或变更提案的情况二本次会议不涉及变更前次股东大会决议的情况三会议召开和出席情况本次股东大会采取现场投票与网络投票相结合的方式召开会议由公司董事会召集董事长主持本次会议的召集召开程序符合公司法及公司章程的规定基金管理人承诺以诚实信用勤勉尽责的原则管理和运用基金资产但不保证基金一定盈利也不保证最低收益投资者投资于本基金前应认真阅读基金合同招募说明书等法律文件本公司及董事会全体成员保证信息披露的内容真实准确完整没有虚假记载误导性陈述或重大遗漏特别提示一本次会议召开期间无增加否决或变更提案的情况二本次会议不涉及变更前次股东大会决议的情况三会议召开和出席情况本次股东大会采取现场投票与网络投票相结合的方式召开会议由公司董事会召集董事长主持本次会议的召集召开程序符合公司法及公司章程的规定基金管理人承诺以诚实信用勤勉尽责的原则管理和运用基金资产但不保证基金一定盈利也不保证最低收益投资者投资于本基金前应认真阅读基金合同招募说明书等法律文件本公司及董事会全体成员保证信息披露的内容真实准确完整没有虚假记载误导性陈述或重大遗漏特别提示一本次会议召开期间无增加否决或变更提案的情况二本次会议不涉及变更前次股东大会决议的情况三会议召开和出席情况本次股东大会采取现场投票与网络投票相结合的方式召开会议由公司董事会召集董事长主持本次会议的召集召开程序符合公司法及公司章程的规定基金管理人承诺以诚实信用勤勉尽责的原则管理和运用基金资产但不保证基金一定盈利也不保证最低收益投资者投资于本基金前应认真阅读基金合同招募说明书等法律文件本公司及董事会全体成员保证信息披露的内容真实准确完整没有虚假记载误导性陈述或重大遗漏特别提示一本次会议召开期间无增加否决或变更提案的情况二本次会议不涉及变更前次股东大会决议的情况三会议召开和出席情况本次股东大会采取现场投票与网络投票相结合的方式召开会议由公司董事会召集董事长主持本次会议的召集召开程序符合公司法及公司章程的规定基金管理人承诺以诚实信用勤勉尽责的原则管理和运用基金资产但不保证基金一定盈利也不保证最低收益投资者投资于本基金前应认真阅读基金合同招募说明书等法律文件本公司及董事会全体成员保证信息披露的内容真实准确完整没有虚假记载误导性陈述或重大遗漏特别提示一本次会议召开期间无增加否决或变更提案的情况二本次会议不涉及变更前次股东大会决议的情况三会议召开和出席情况本次股东大会采取现场投票与网络投票相结合的方式召开会议由公司董事会召集董事长主持本次会议的召集召开程序符合公司法及公司章程的规定基金管理人承诺以诚实信用勤勉尽责的原则管理和运用基金资产但不保证基金一定盈利也不保证最低收益投资者投资于本基金前应认真阅读基金合同招募说明书等法律文件本公司及董事会全体成员保证信息披露的内容真实准确完整没有虚假记载误导性陈述或重大遗漏特别提示一本次会议召开期间无增加否决或变更提案的情况二本次会议不涉及变更前次股东大会决议的情况三会议召开和出席情况本次股东大会采取现场投票与网络投票相结合的方式召开会议由公司董事会召集董事长主持本次会议的召集召开程序符合公司法及公司章程的规定基金管理人承诺以诚实信用勤勉尽责的原则管理和运用基金资产但不保证基金一定盈利也不保证最低收益投资者投资于本基金前应认真阅读基金合同招募说明书等法律文件本公司及董事会全体成员保证信息披露的内容真实准确完整没有虚假记载误导性陈述或重大遗漏特别提示一本次会议召开期间无增加否决或变更提案的情况二本次会议不涉及变更前次股东大会决议的情况三会议召开和出席情况本次股东大会采取现场投票与网络投票相结合的方式召开会议由公司董事会召集董事长主持本次会议的召集召开程序符合公司法及公司章程的规定基金管理人承诺以诚实信用勤勉尽责的原则管理和运用基金资产但不保证基金一定盈利也不保证最低收益投资者投资于本基金前应认真阅读基金合同招募说明书等法律文件本公司及董事会全体成员保证信息披露的内容真实准确完整没有虚假记载误导性陈述或重大遗漏特别提示一本次会议召开期间无增加否决或变更提案的情况二本次会议不涉及变更前次股东大会决议的情况三会议召开和出席情况本次股东大会采取现场投票与网络投票相结合的方式召开会议由公司董事会召集董事长主持本次会议的召集召开程序符合公司法及公司章程的规定基金管理人承诺以诚实信用勤勉尽责的原则管理和运用基金资产但不保证基金一定盈利也不保证最低收益投资者投资于本基金前应认真阅读基金合同招募说明书等法律文件本公司及董事会全体成员保证信息披露的内容真实准确完整没有虚假记载误导性陈述或重大遗漏特别提示一本次会议召开期间无增加否决或变更提案的情况二本次会议不涉及变更前次股东大会决议的情况三会议召开和出席情况本次股东大会采取现场投票与网络投票相结合的方式召开会议由公司董事会召集董事长主持本次会议的召集召开程序符合公司法及公司章程的规定基金管理人承诺以诚实信用勤勉尽责的原则管理和运用基金资产但不保证基金一定盈利也不保证最低收益投资者投资于本基金前应认真阅读基金合同招募说明书等法律文件本公司及董事会全体成员保证信息披露的内容真实准确完整没有虚假记载误导性陈述或重大遗漏特别提示一本次会议召开期间无增加否决或变更提案的情况二本次会议不涉及变更前次股东大会决议的情况三会议召开和出席情况本次股东大会采取现场投票与网络投票相结合的方式召开会议由公司董事会召集董事长主持本次会议的召集召开程序符合公司法及公司章程的规定基金管理人承诺以诚实信用勤勉尽责的原则管理和运用基金资产但不保证基金一定盈利也不保证最低收益投资者投资于本基金前应认真阅读基金合同招募说明书等法律文件本公司及董事会全体成员保证信息披露的内容真实准确完整没有虚假记载误导性陈述或重大遗漏特别提示一本次会议召开期间无增加否决或变更提案的情况二本次会议不涉及变更前次股东大会决议的情况三会议召开和出席情况本次股东大会采取现场投票与网络投票相结合的方式召开会议由公司董事会召集董事长主持本次会议的召集召开程序符合公司法及公司章程的规定基金管理人承诺以诚实信用勤勉尽责的原则管理和运用基金资产但不保证基金一定盈利也不保证最低收益投资者投资于本基金前应认真阅读基金合同招募说明书等法律文件本公司及董事会全体成员保证信息披露的内容真实准确完整没有虚假记载误导性陈述或重大遗漏特别提示一本次会议召开期间无增加否决或变更提案的情况二本次会议不涉及变更前次股东大会决议的情况三会议召开和出席情况本次股东大会采取现场投票与网络投票相结合的方式召开会议由公司董事会召集董事长主持本次会议的召集召开程序符合公司法及公司章程的规定基金管理人承诺以诚实信用勤勉尽责的原则管理和运用基金资产但不保证基金一定盈利也不保证最低收益投资者投资于本基金前应认真阅读基金合同招募说明书等法律文件本公司及董事会全体成员保证信息披露的内容真实准确完整没有虚假记载误导性陈述或重大遗漏特别提示一本次会议召开期间无增加否决或变更提案的情况二本次会议不涉及变更前次股东大会决议的情况三会议召开和出席情况本次股东大会采取现场投票与网络投票相结合的方式召开会议由公司董事会召集董事长主持本次会议的召集召开程序符合公司法及公司章程的规定基金管理人承诺以诚实信用勤勉尽责的原则管理和运用基金资产但不保证基金一定盈利也不保证最低收益投资者投资于本基金前应认真阅读基金合同招募说明书等法律文件本公司及董事会全体成员保证信息披露的内容真实准确完整没有虚假记载误导性陈述或重大遗漏特别提示一本次会议召开期间无增加否决或变更提案的情况二本次会议不涉及变更前次股东大会决议的情况三会议召开和出席情况本次股东大会采取现场投票与网络投票相结合的方式召开会议由公司董事会召集董事长主持本次会议的召集召开程序符合公司法及公司章程的规定基金管理人承诺以诚实信用勤勉尽责的原则管理和运用基金资产但不保证基金一定盈利也不保证最低收益投资者投资于本基金前应认真阅读基金合同招募说明书等法律文件本公司及董事会全体成员保证信息披露的内容真实准确完整没有虚假记载误导性陈述或重大遗漏特别提示一本次会议召开期间无增加否决或变更提案的情况二本次会议不涉及变更前次股东大会决议的情况三会议召开和出席情况本次股东大会采取现场投票与网络投票相结合的方式召开会议由公司董事会召集董事长主持本次会议的召集召开程序符合公司法及公司章程的规定基金管理人承诺以诚实信用勤勉尽责的原则管理和运用基金资产但不保证基金一定盈利也不保证最低收益投资者投资于本基金前应认真阅读基金合同招募说明书等法律文件本公司及董事会全体成员保证信息披露的内容真实准确完整没有虚假记载误导性陈述或重大遗漏特别提示一本次会议召开期间无增加否决或变更提案的情况二本次会议不涉及变更前次股东大会决议的情况三会议召开和出席情况本次股东大会采取现场投票与网络投票相结合的方式召开会议由公司董事会召集董事长主持本次会议的召集召开程序符合公司法及公司章程的规定基金管理人承诺以诚实信用勤勉尽责的原则管理和运用基金资产但不保证基金一定盈利也不保证最低收益投资者投资于本基金前应认真阅读基金合同招募说明书等法律文件本公司及董事会全体成员保证信息披露的内容真实准确完整没有虚假记载误导性陈述或重大遗漏特别提示一本次会议召开期间无增加否决或变更提案的情况二本次会议不涉及变更前次股东大会决议的情况三会议召开和出席情况本次股东大会采取现场投票与网络投票相结合的方式召开会议由公司董事会召集董事长主持本次会议的召集召开程序符合公司法及公司章程的规定基金管理人承诺以诚实信用勤勉尽责的原则管理和运用基金资产但不保证基金一定盈利也不保证最低收益投资者投资于本基金前应认真阅读基金合同招募说明书等法律文件本公司及董事会全体成员保证信息披露的内容真实准确完整没有虚假记载误导性陈述或重大遗漏特别提示一本次会议召开期间无增加否决或变更提案的情况二本次会议不涉及变更前次股东大会决议的情况三会议召开和出席情况本次股东大会采取现场投票与网络投票相结合的方式召开会议由公司董事会召集董事长主持本次会议的召集召开程序符合公司法及公司章程的规定基金管理人承诺以诚实信用勤勉尽责的原则管理和运用基金资产但不保证基金一定盈利也不保证最低收益投资者投资于本基金前应认真阅读基金合同招募说明书等法律文件本公司及董事会全体成员保证信息披露的内容真实准确完整没有虚假记载误导性陈述或重大遗漏特别提示一本次会议召开期间无增加否决或变更提案的情况二本次会议不涉及变更前次股东大会决议的情况三会议召开和出席情况本次股东大会采取现场投票与网络投票相结合的方式召开会议由公司董事会召集董事长主持本次会议的召集召开程序符合公司法及公司章程的规定基金管理人承诺以诚实信用勤勉尽责的原则管理和运用基金资产但不保证基金一定盈利也不保证最低收益投资者投资于本基金前应认真阅读基金合同招募说明书等法律文件本公司及董事会全体成员保证信息披露的内容真实准确完整没有虚假记载误导性陈述或重大遗漏特别提示一本次会议召开期间无增加否决或变更提案的情况二本次会议不涉及变更前次股东大会决议的情况三会议召开和出席情况本次股东大会采取现场投票与网络投票相结合的方式召开会议由公司董事会召集董事长主持本次会议的召集召开程序符合公司法及公司章程的规定基金管理人承诺以诚实信用勤勉尽责的原则管理和运用基金资产但不保证基金一定盈利也不保证最低收益投资者投资于本基金前应认真阅读基金合同招募说明书等法律文件本公司及董事会全体成员保证信息披露的内容真实准确完整没有虚假记载误导性陈述或重大遗漏特别提示一本次会议召开期间无增加否决或变更提案的情况二本次会议不涉及变更前次股东大会决议的情况三会议召开和出席情况本次股东大会采取现场投票与网络投票相结合的方式召开会议由公司董事会召集董事长主持本次会议的召集召开程序符合公司法及公司章程的规定基金管理人承诺以诚实信用勤勉尽责的原则管理和运用基金资产但不保证基金一定盈利也不保证最低收益投资者投资于本基金前应认真阅读基金合同招募说明书等法律文件本公司及董事会全体成员保证信息披露的内容真实准确完整没有虚假记载误导性陈述或重大遗漏特别提示一本次会议召开期间无增加否决或变更提案的情况二本次会议不涉及变更前次股东大会决议的情况三会议召开和出席情况本次股东大会采取现场投票与网络投票相结合的方式召开会议由公司董事会召集董事长主持本次会议的召集召开程序符合公司法及公司章程的规定基金管理人承诺以诚实信用勤勉尽责的原则管理和运用基金资产但不保证基金一定盈利也不保证最低收益投资者投资于本基金前应认真阅读基金合同招募说明书等法律文件本公司及董事会全体成员保证信息披露的内容真实准确完整没有虚假记载误导性陈述或重大遗漏特别提示一本次会议召开期间无增加否决或变更提案的情况二本次会议不涉及变更前次股东大会决议的情况三会议召开和出席情况本次股东大会采取现场投票与网络投票相结合的方式召开会议由公司董事会召集董事长主持本次会议的召集召开程序符合公司法及公司
本公司及董事会全体成员保证信息披露的内容真实准确完整没有虚假记载误导性陈述或重大遗漏特别提示一本次会议召开期间无增加否决或变更提案的情况二本次会议不涉及变更前次股东大会决议的情况三会议召开和出席情况本次股东大会采取现场投票与网络投票相结合的方式召开会议由公司董事会召集董事长主持本次会议的召集召开程序符合公司法及公司章程的规定基金管理人承诺以诚实信用勤勉尽责的原则管理和运用基金资产但不保证基金一定盈利也不保证最低收益投资者投资于本基金前应认真阅读基金合同招募说明书等法律文件本公司及董
下转D44版
